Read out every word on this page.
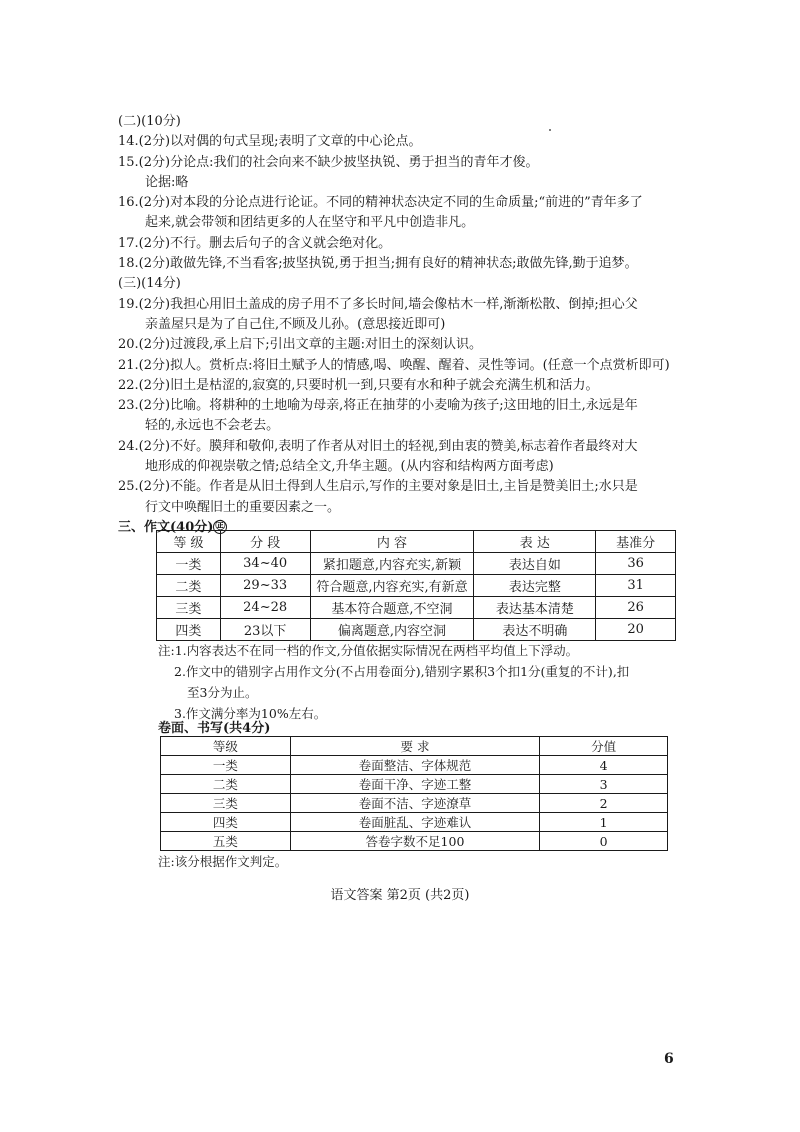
(二)(10分)
14.(2分)以对偶的句式呈现;表明了文章的中心论点。
15.(2分)分论点:我们的社会向来不缺少披坚执锐、勇于担当的青年才俊。
论据:略
16.(2分)对本段的分论点进行论证。不同的精神状态决定不同的生命质量;“前进的”青年多了
起来,就会带领和团结更多的人在坚守和平凡中创造非凡。
17.(2分)不行。删去后句子的含义就会绝对化。
18.(2分)敢做先锋,不当看客;披坚执锐,勇于担当;拥有良好的精神状态;敢做先锋,勤于追梦。
(三)(14分)
19.(2分)我担心用旧土盖成的房子用不了多长时间,墙会像枯木一样,渐渐松散、倒掉;担心父
亲盖屋只是为了自己住,不顾及儿孙。(意思接近即可)
20.(2分)过渡段,承上启下;引出文章的主题:对旧土的深刻认识。
21.(2分)拟人。赏析点:将旧土赋予人的情感,喝、唤醒、醒着、灵性等词。(任意一个点赏析即可)
22.(2分)旧土是枯涩的,寂寞的,只要时机一到,只要有水和种子就会充满生机和活力。
23.(2分)比喻。将耕种的土地喻为母亲,将正在抽芽的小麦喻为孩子;这田地的旧土,永远是年
轻的,永远也不会老去。
24.(2分)不好。膜拜和敬仰,表明了作者从对旧土的轻视,到由衷的赞美,标志着作者最终对大
地形成的仰视崇敬之情;总结全文,升华主题。(从内容和结构两方面考虑)
25.(2分)不能。作者是从旧土得到人生启示,写作的主要对象是旧土,主旨是赞美旧土;水只是
行文中唤醒旧土的重要因素之一。
三、作文(40分) ㊣
等 级	分 段	内 容	表 达	基准分
一类	34~40	紧扣题意,内容充实,新颖	表达自如	36
二类	29~33	符合题意,内容充实,有新意	表达完整	31
三类	24~28	基本符合题意,不空洞	表达基本清楚	26
四类	23以下	偏离题意,内容空洞	表达不明确	20
注:1.内容表达不在同一档的作文,分值依据实际情况在两档平均值上下浮动。
2.作文中的错别字占用作文分(不占用卷面分),错别字累积3个扣1分(重复的不计),扣
至3分为止。
3.作文满分率为10%左右。
卷面、书写(共4分)
等级	要 求	分值
一类	卷面整洁、字体规范	4
二类	卷面干净、字迹工整	3
三类	卷面不洁、字迹潦草	2
四类	卷面脏乱、字迹难认	1
五类	答卷字数不足100	0
注:该分根据作文判定。
语文答案 第2页 (共2页)
6
